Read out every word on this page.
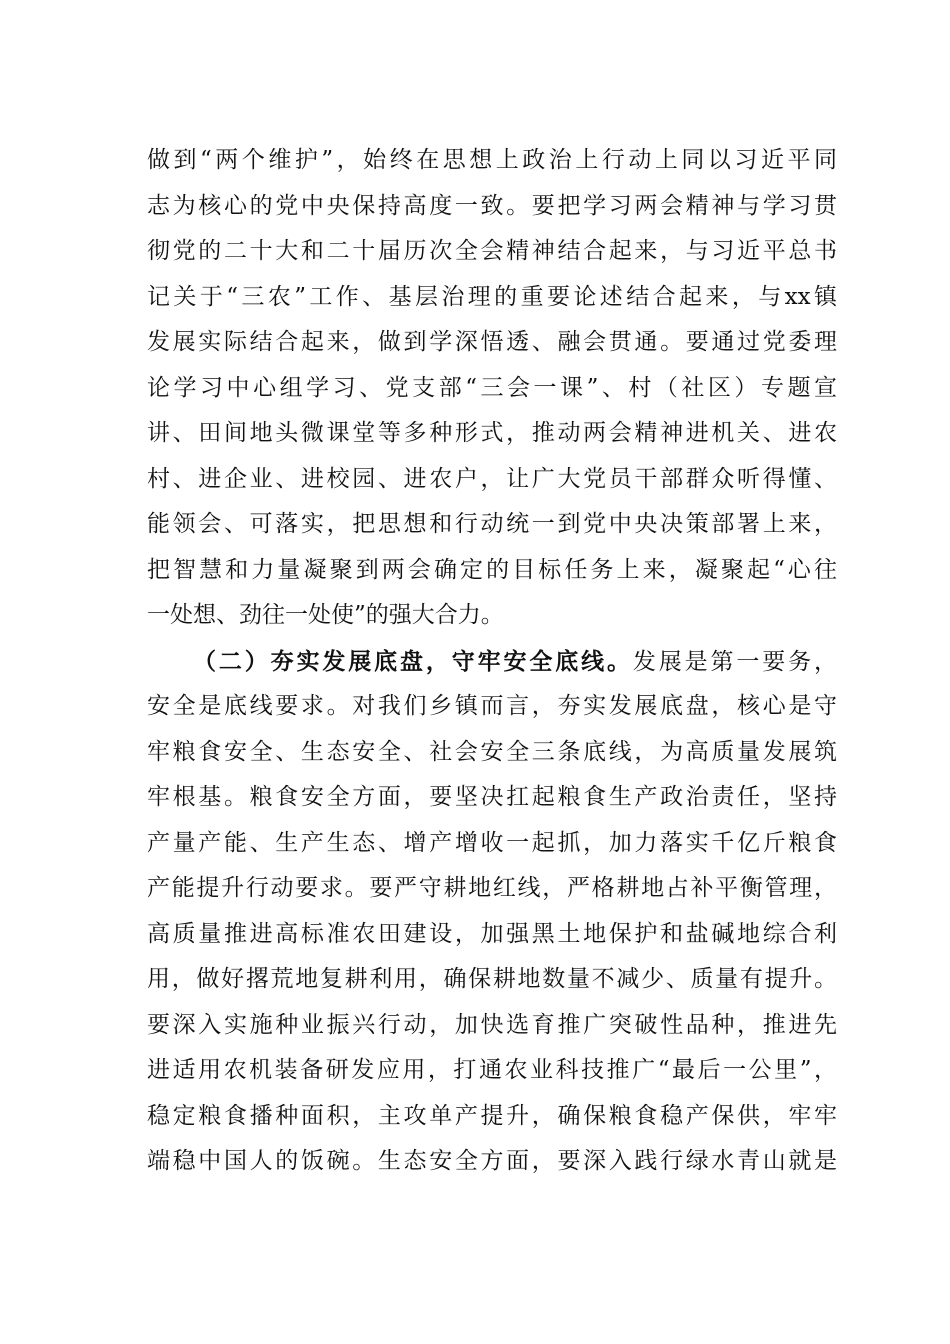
做到“两个维护”，始终在思想上政治上行动上同以习近平同
志为核心的党中央保持高度一致。要把学习两会精神与学习贯
彻党的二十大和二十届历次全会精神结合起来，与习近平总书
记关于“三农”工作、基层治理的重要论述结合起来，与xx镇
发展实际结合起来，做到学深悟透、融会贯通。要通过党委理
论学习中心组学习、党支部“三会一课”、村（社区）专题宣
讲、田间地头微课堂等多种形式，推动两会精神进机关、进农
村、进企业、进校园、进农户，让广大党员干部群众听得懂、
能领会、可落实，把思想和行动统一到党中央决策部署上来，
把智慧和力量凝聚到两会确定的目标任务上来，凝聚起“心往
一处想、劲往一处使”的强大合力。
（二）夯实发展底盘，守牢安全底线。发展是第一要务，
安全是底线要求。对我们乡镇而言，夯实发展底盘，核心是守
牢粮食安全、生态安全、社会安全三条底线，为高质量发展筑
牢根基。粮食安全方面，要坚决扛起粮食生产政治责任，坚持
产量产能、生产生态、增产增收一起抓，加力落实千亿斤粮食
产能提升行动要求。要严守耕地红线，严格耕地占补平衡管理，
高质量推进高标准农田建设，加强黑土地保护和盐碱地综合利
用，做好撂荒地复耕利用，确保耕地数量不减少、质量有提升。
要深入实施种业振兴行动，加快选育推广突破性品种，推进先
进适用农机装备研发应用，打通农业科技推广“最后一公里”，
稳定粮食播种面积，主攻单产提升，确保粮食稳产保供，牢牢
端稳中国人的饭碗。生态安全方面，要深入践行绿水青山就是
